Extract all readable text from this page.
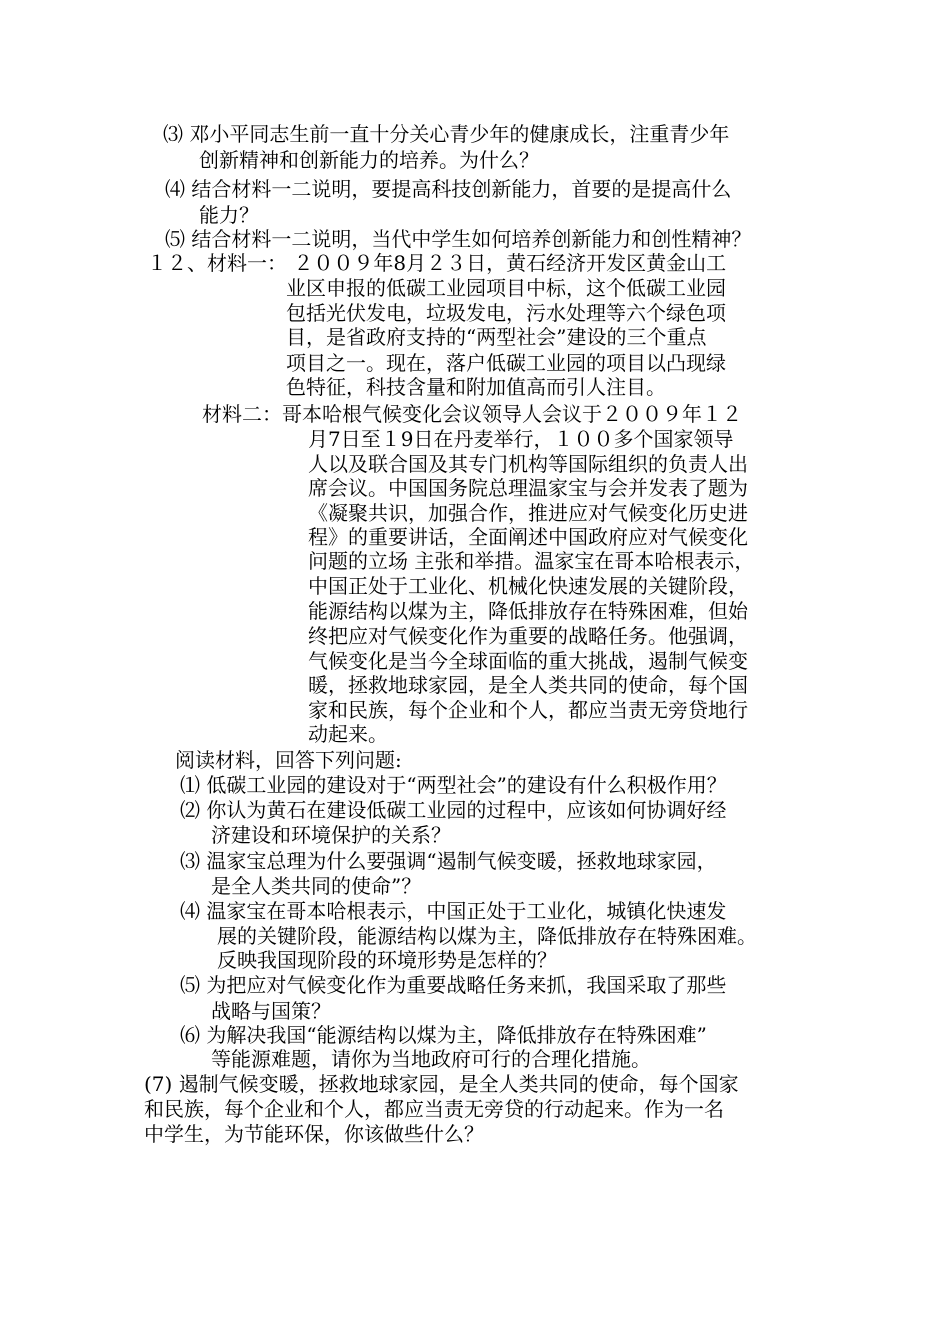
⑶ 邓小平同志生前一直十分关心青少年的健康成长，注重青少年

创新精神和创新能力的培养。为什么？

⑷ 结合材料一二说明，要提高科技创新能力，首要的是提高什么

能力？

⑸ 结合材料一二说明，当代中学生如何培养创新能力和创性精神？

１２、材料一： ２００９年8月２３日，黄石经济开发区黄金山工

业区申报的低碳工业园项目中标，这个低碳工业园

包括光伏发电，垃圾发电，污水处理等六个绿色项

目，是省政府支持的“两型社会”建设的三个重点

项目之一。现在，落户低碳工业园的项目以凸现绿

色特征，科技含量和附加值高而引人注目。

材料二：哥本哈根气候变化会议领导人会议于２００９年１２

月7日至１9日在丹麦举行，１００多个国家领导

人以及联合国及其专门机构等国际组织的负责人出

席会议。中国国务院总理温家宝与会并发表了题为

《凝聚共识，加强合作，推进应对气候变化历史进

程》的重要讲话，全面阐述中国政府应对气候变化

问题的立场 主张和举措。温家宝在哥本哈根表示，

中国正处于工业化、机械化快速发展的关键阶段，

能源结构以煤为主，降低排放存在特殊困难，但始

终把应对气候变化作为重要的战略任务。他强调，

气候变化是当今全球面临的重大挑战，遏制气候变

暖，拯救地球家园，是全人类共同的使命，每个国

家和民族，每个企业和个人，都应当责无旁贷地行

动起来。

阅读材料，回答下列问题:

⑴ 低碳工业园的建设对于“两型社会”的建设有什么积极作用？

⑵ 你认为黄石在建设低碳工业园的过程中，应该如何协调好经

济建设和环境保护的关系？

⑶ 温家宝总理为什么要强调“遏制气候变暖，拯救地球家园，

是全人类共同的使命”？

⑷ 温家宝在哥本哈根表示，中国正处于工业化，城镇化快速发

展的关键阶段，能源结构以煤为主，降低排放存在特殊困难。

反映我国现阶段的环境形势是怎样的？

⑸ 为把应对气候变化作为重要战略任务来抓，我国采取了那些

战略与国策？

⑹ 为解决我国“能源结构以煤为主，降低排放存在特殊困难”

等能源难题，请你为当地政府可行的合理化措施。

(7) 遏制气候变暖，拯救地球家园，是全人类共同的使命，每个国家

和民族，每个企业和个人，都应当责无旁贷的行动起来。作为一名

中学生，为节能环保，你该做些什么？
